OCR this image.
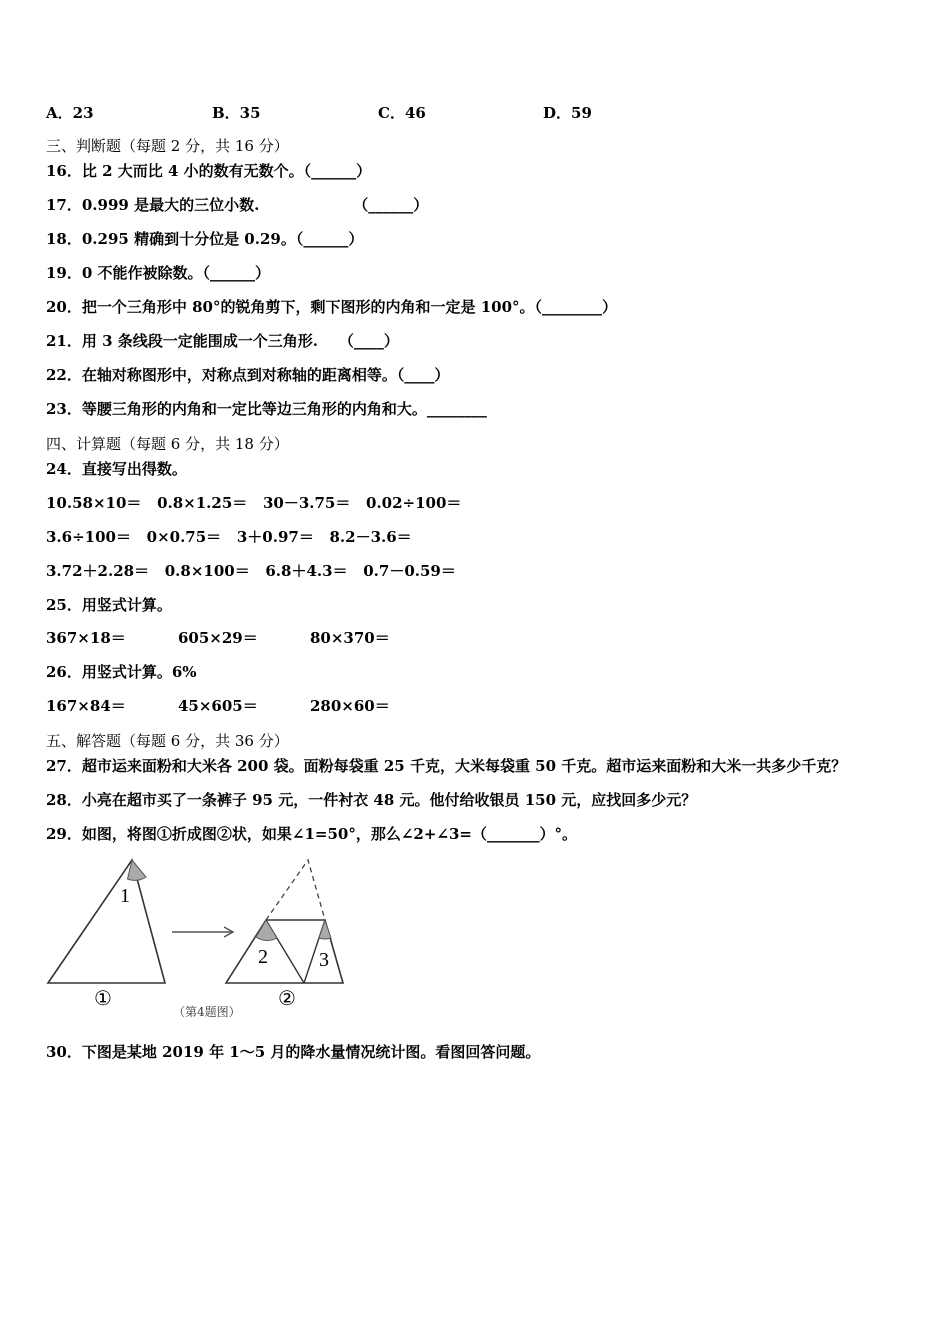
A．23	B．35	C．46	D．59
三、判断题（每题 2 分，共 16 分）
16．比 2 大而比 4 小的数有无数个。（______）
17．0.999 是最大的三位小数.                  （______）
18．0.295 精确到十分位是 0.29。（______）
19．0 不能作被除数。（______）
20．把一个三角形中 80°的锐角剪下，剩下图形的内角和一定是 100°。（________）
21．用 3 条线段一定能围成一个三角形.    （____）
22．在轴对称图形中，对称点到对称轴的距离相等。（____）
23．等腰三角形的内角和一定比等边三角形的内角和大。________
四、计算题（每题 6 分，共 18 分）
24．直接写出得数。
10.58×10＝   0.8×1.25＝   30－3.75＝   0.02÷100＝
3.6÷100＝   0×0.75＝   3＋0.97＝   8.2－3.6＝
3.72＋2.28＝   0.8×100＝   6.8＋4.3＝   0.7－0.59＝
25．用竖式计算。
367×18＝          605×29＝          80×370＝
26．用竖式计算。6%
167×84＝          45×605＝          280×60＝
五、解答题（每题 6 分，共 36 分）
27．超市运来面粉和大米各 200 袋。面粉每袋重 25 千克，大米每袋重 50 千克。超市运来面粉和大米一共多少千克？
28．小亮在超市买了一条裤子 95 元，一件衬衣 48 元。他付给收银员 150 元，应找回多少元？
29．如图，将图①折成图②状，如果∠1=50°，那么∠2+∠3=（_______）°。
1
①
2	3
②
（第4题图）
30．下图是某地 2019 年 1～5 月的降水量情况统计图。看图回答问题。
